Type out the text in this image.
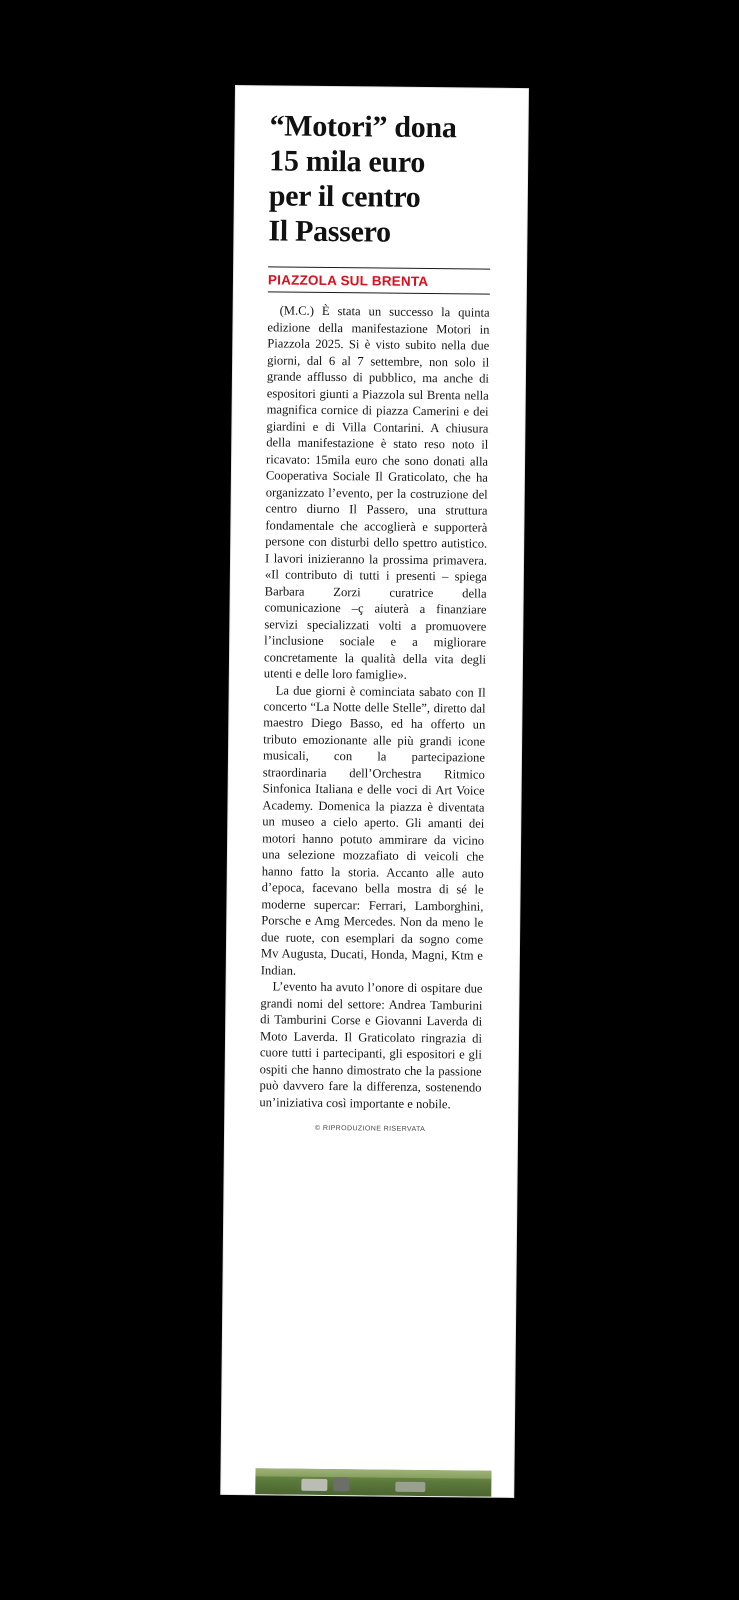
“Motori” dona
15 mila euro
per il centro
Il Passero
PIAZZOLA SUL BRENTA

(M.C.) È stata un successo la quinta edizione della manifestazione Motori in Piazzola 2025. Si è visto subito nella due giorni, dal 6 al 7 settembre, non solo il grande afflusso di pubblico, ma anche di espositori giunti a Piazzola sul Brenta nella magnifica cornice di piazza Camerini e dei giardini e di Villa Contarini. A chiusura della manifestazione è stato reso noto il ricavato: 15mila euro che sono donati alla Cooperativa Sociale Il Graticolato, che ha organizzato l’evento, per la costruzione del centro diurno Il Passero, una struttura fondamentale che accoglierà e supporterà persone con disturbi dello spettro autistico. I lavori inizieranno la prossima primavera. «Il contributo di tutti i presenti – spiega Barbara Zorzi curatrice della comunicazione –ç aiuterà a finanziare servizi specializzati volti a promuovere l’inclusione sociale e a migliorare concretamente la qualità della vita degli utenti e delle loro famiglie».

La due giorni è cominciata sabato con Il concerto “La Notte delle Stelle”, diretto dal maestro Diego Basso, ed ha offerto un tributo emozionante alle più grandi icone musicali, con la partecipazione straordinaria dell’Orchestra Ritmico Sinfonica Italiana e delle voci di Art Voice Academy. Domenica la piazza è diventata un museo a cielo aperto. Gli amanti dei motori hanno potuto ammirare da vicino una selezione mozzafiato di veicoli che hanno fatto la storia. Accanto alle auto d’epoca, facevano bella mostra di sé le moderne supercar: Ferrari, Lamborghini, Porsche e Amg Mercedes. Non da meno le due ruote, con esemplari da sogno come Mv Augusta, Ducati, Honda, Magni, Ktm e Indian.

L’evento ha avuto l’onore di ospitare due grandi nomi del settore: Andrea Tamburini di Tamburini Corse e Giovanni Laverda di Moto Laverda. Il Graticolato ringrazia di cuore tutti i partecipanti, gli espositori e gli ospiti che hanno dimostrato che la passione può davvero fare la differenza, sostenendo un’iniziativa così importante e nobile.

© RIPRODUZIONE RISERVATA
